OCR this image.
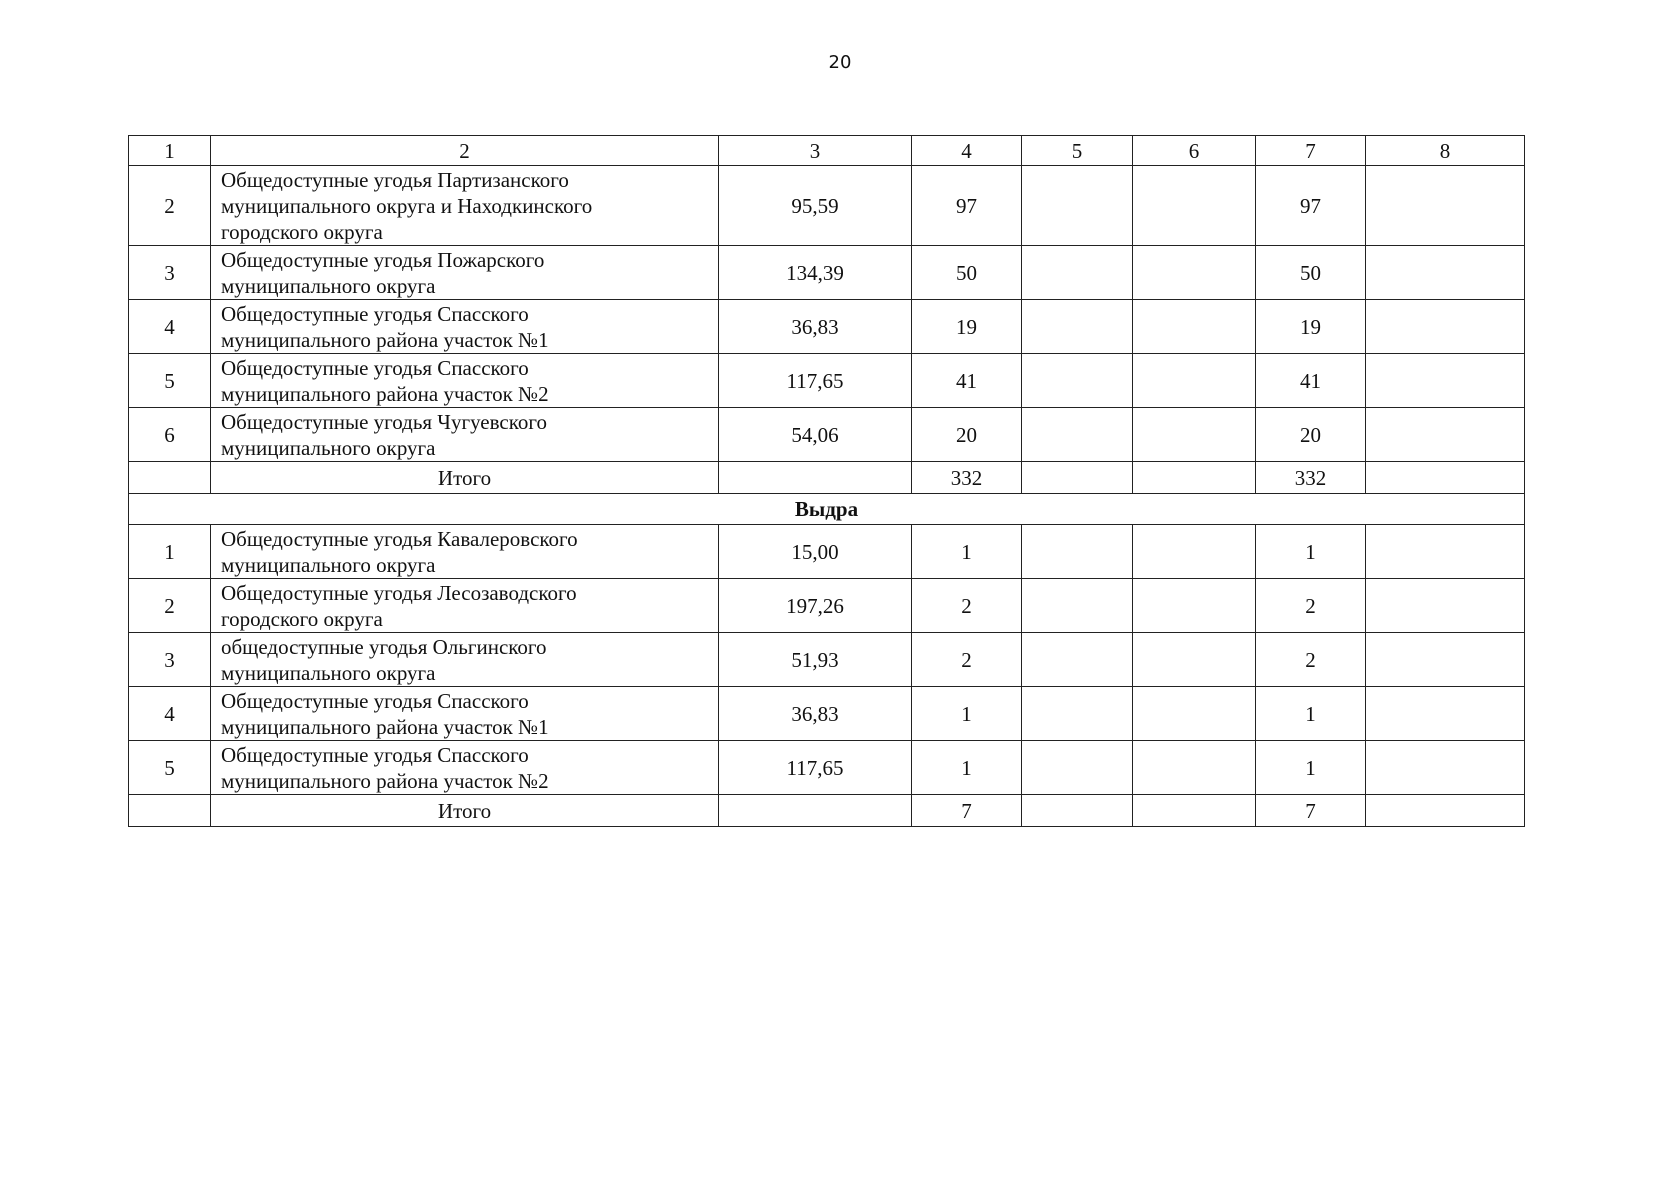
20
1	2	3	4	5	6	7	8
2	Общедоступные угодья Партизанского
муниципального округа и Находкинского
городского округа	95,59	97			97	
3	Общедоступные угодья Пожарского
муниципального округа	134,39	50			50	
4	Общедоступные угодья Спасского
муниципального района участок №1	36,83	19			19	
5	Общедоступные угодья Спасского
муниципального района участок №2	117,65	41			41	
6	Общедоступные угодья Чугуевского
муниципального округа	54,06	20			20	
	Итого		332			332	
Выдра							
1	Общедоступные угодья Кавалеровского
муниципального округа	15,00	1			1	
2	Общедоступные угодья Лесозаводского
городского округа	197,26	2			2	
3	общедоступные угодья Ольгинского
муниципального округа	51,93	2			2	
4	Общедоступные угодья Спасского
муниципального района участок №1	36,83	1			1	
5	Общедоступные угодья Спасского
муниципального района участок №2	117,65	1			1	
	Итого		7			7	
